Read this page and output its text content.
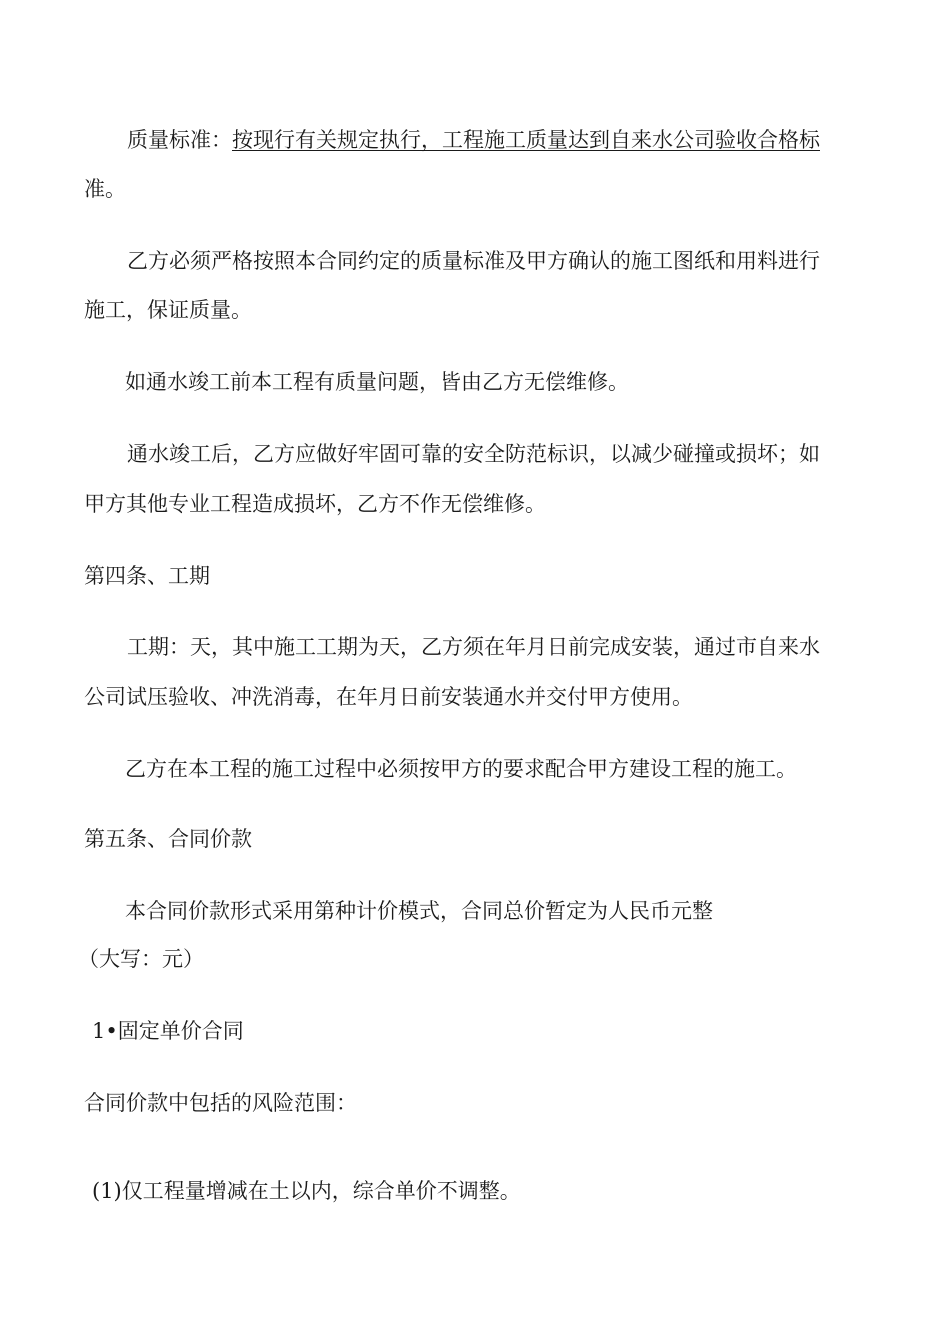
质量标准：按现行有关规定执行，工程施工质量达到自来水公司验收合格标
准。
乙方必须严格按照本合同约定的质量标准及甲方确认的施工图纸和用料进行
施工，保证质量。
如通水竣工前本工程有质量问题，皆由乙方无偿维修。
通水竣工后，乙方应做好牢固可靠的安全防范标识，以减少碰撞或损坏；如
甲方其他专业工程造成损坏，乙方不作无偿维修。
第四条、工期
工期：天，其中施工工期为天，乙方须在年月日前完成安装，通过市自来水
公司试压验收、冲洗消毒，在年月日前安装通水并交付甲方使用。
乙方在本工程的施工过程中必须按甲方的要求配合甲方建设工程的施工。
第五条、合同价款
本合同价款形式采用第种计价模式，合同总价暂定为人民币元整
（大写：元）
1•固定单价合同
合同价款中包括的风险范围：
(1)仅工程量增减在土以内，综合单价不调整。
